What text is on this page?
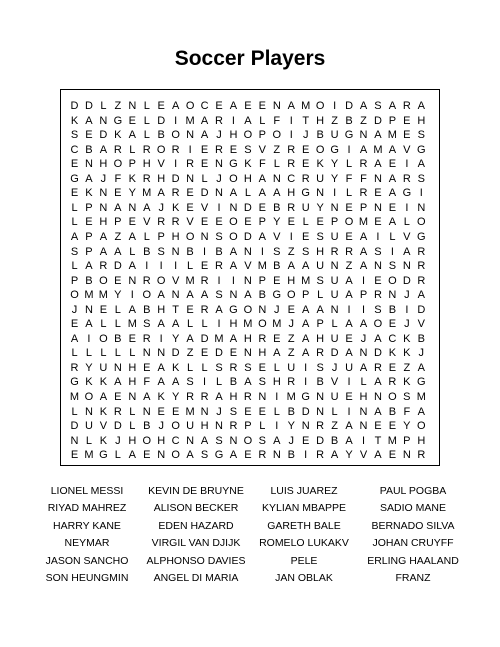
Soccer Players
D D L Z N L E A O C E A E E N A M O I D A S A R A
K A N G E L D I M A R I A L F I T H Z B Z D P E H
S E D K A L B O N A J H O P O I J B U G N A M E S
C B A R L R O R I E R E S V Z R E O G I A M A V G
E N H O P H V I R E N G K F L R E K Y L R A E I A
G A J F K R H D N L J O H A N C R U Y F F N A R S
E K N E Y M A R E D N A L A A H G N I L R E A G I
L P N A N A J K E V I N D E B R U Y N E P N E I N
L E H P E V R R V E E O E P Y E L E P O M E A L O
A P A Z A L P H O N S O D A V I E S U E A I L V G
S P A A L B S N B I B A N I S Z S H R R A S I A R
L A R D A I	I	I L E R A V M B A A U N Z A N S N R
P B O E N R O V M R I	I N P E H M S U A I E O D R
O M M Y I O A N A A S N A B G O P L U A P R N J A
J N E L A B H T E R A G O N J E A A N I	I S B I D
E A L L M S A A L L I H M O M J A P L A A O E J V
A I O B E R I Y A D M A H R E Z A H U E J A C K B
L L L L L N N D Z E D E N H A Z A R D A N D K K J
R Y U N H E A K L L S R S E L U I S J U A R E Z A
G K K A H F A A S I L B A S H R I B V I L A R K G
M O A E N A K Y R R A H R N I M G N U E H N O S M
L N K R L N E E M N J S E E L B D N L I N A B F A
D U V D L B J O U H N R P L I Y N R Z A N E E Y O
N L K J H O H C N A S N O S A J E D B A I T M P H
E M G L A E N O A S G A E R N B I R A Y V A E N R
LIONEL MESSI	KEVIN DE BRUYNE	LUIS JUAREZ	PAUL POGBA
RIYAD MAHREZ	ALISON BECKER	KYLIAN MBAPPE	SADIO MANE
HARRY KANE	EDEN HAZARD	GARETH BALE	BERNADO SILVA
NEYMAR	VIRGIL VAN DJIJK	ROMELO LUKAKV	JOHAN CRUYFF
JASON SANCHO	ALPHONSO DAVIES	PELE	ERLING HAALAND
SON HEUNGMIN	ANGEL DI MARIA	JAN OBLAK	FRANZ
